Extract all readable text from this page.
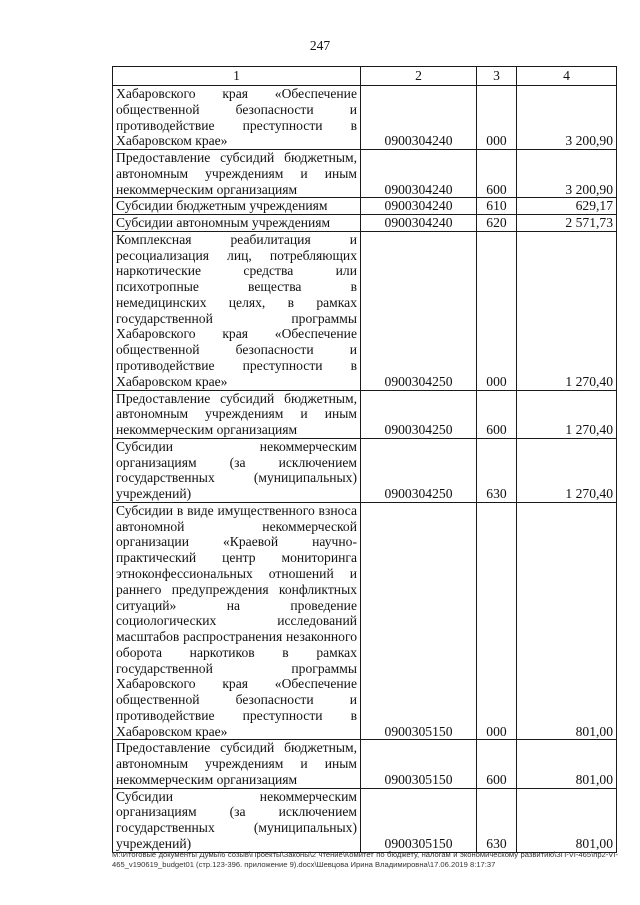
247
1	2	3	4
Хабаровского края «Обеспечение общественной безопасности и противодействие преступности в Хабаровском крае»	0900304240	000	3 200,90
Предоставление субсидий бюджетным, автономным учреждениям и иным некоммерческим организациям	0900304240	600	3 200,90
Субсидии бюджетным учреждениям	0900304240	610	629,17
Субсидии автономным учреждениям	0900304240	620	2 571,73
Комплексная реабилитация и ресоциализация лиц, потребляющих наркотические средства или психотропные вещества в немедицинских целях, в рамках государственной программы Хабаровского края «Обеспечение общественной безопасности и противодействие преступности в Хабаровском крае»	0900304250	000	1 270,40
Предоставление субсидий бюджетным, автономным учреждениям и иным некоммерческим организациям	0900304250	600	1 270,40
Субсидии некоммерческим организациям (за исключением государственных (муниципальных) учреждений)	0900304250	630	1 270,40
Субсидии в виде имущественного взноса автономной некоммерческой организации «Краевой научно-практический центр мониторинга этноконфессиональных отношений и раннего предупреждения конфликтных ситуаций» на проведение социологических исследований масштабов распространения незаконного оборота наркотиков в рамках государственной программы Хабаровского края «Обеспечение общественной безопасности и противодействие преступности в Хабаровском крае»	0900305150	000	801,00
Предоставление субсидий бюджетным, автономным учреждениям и иным некоммерческим организациям	0900305150	600	801,00
Субсидии некоммерческим организациям (за исключением государственных (муниципальных) учреждений)	0900305150	630	801,00
М:\Итоговые документы Думы\6 созыв\Проекты\Законы\2 чтение\Комитет по бюджету, налогам и экономическому развитию\ЗП-VI-465\пр2-VI-465_v190619_budget01 (стр.123-396. приложение 9).docx\Шевцова Ирина Владимировна\17.06.2019 8:17:37
